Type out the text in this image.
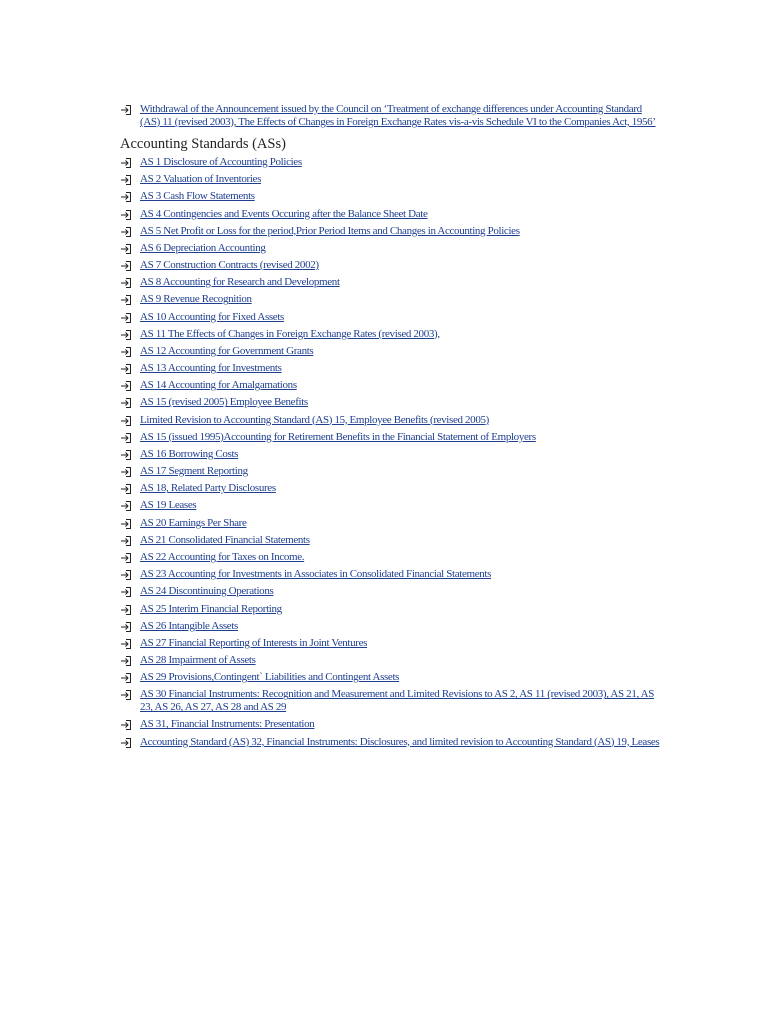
Withdrawal of the Announcement issued by the Council on ‘Treatment of exchange differences under Accounting Standard (AS) 11 (revised 2003), The Effects of Changes in Foreign Exchange Rates vis-a-vis Schedule VI to the Companies Act, 1956’
Accounting Standards (ASs)
AS 1 Disclosure of Accounting Policies
AS 2 Valuation of Inventories
AS 3 Cash Flow Statements
AS 4 Contingencies and Events Occuring after the Balance Sheet Date
AS 5 Net Profit or Loss for the period,Prior Period Items and Changes in Accounting Policies
AS 6 Depreciation Accounting
AS 7 Construction Contracts (revised 2002)
AS 8 Accounting for Research and Development
AS 9 Revenue Recognition
AS 10 Accounting for Fixed Assets
AS 11 The Effects of Changes in Foreign Exchange Rates (revised 2003),
AS 12 Accounting for Government Grants
AS 13 Accounting for Investments
AS 14 Accounting for Amalgamations
AS 15 (revised 2005) Employee Benefits
Limited Revision to Accounting Standard (AS) 15, Employee Benefits (revised 2005)
AS 15 (issued 1995)Accounting for Retirement Benefits in the Financial Statement of Employers
AS 16 Borrowing Costs
AS 17 Segment Reporting
AS 18, Related Party Disclosures
AS 19 Leases
AS 20 Earnings Per Share
AS 21 Consolidated Financial Statements
AS 22 Accounting for Taxes on Income.
AS 23 Accounting for Investments in Associates in Consolidated Financial Statements
AS 24 Discontinuing Operations
AS 25 Interim Financial Reporting
AS 26 Intangible Assets
AS 27 Financial Reporting of Interests in Joint Ventures
AS 28 Impairment of Assets
AS 29 Provisions,Contingent` Liabilities and Contingent Assets
AS 30 Financial Instruments: Recognition and Measurement and Limited Revisions to AS 2, AS 11 (revised 2003), AS 21, AS 23, AS 26, AS 27, AS 28 and AS 29
AS 31, Financial Instruments: Presentation
Accounting Standard (AS) 32, Financial Instruments: Disclosures, and limited revision to Accounting Standard (AS) 19, Leases
